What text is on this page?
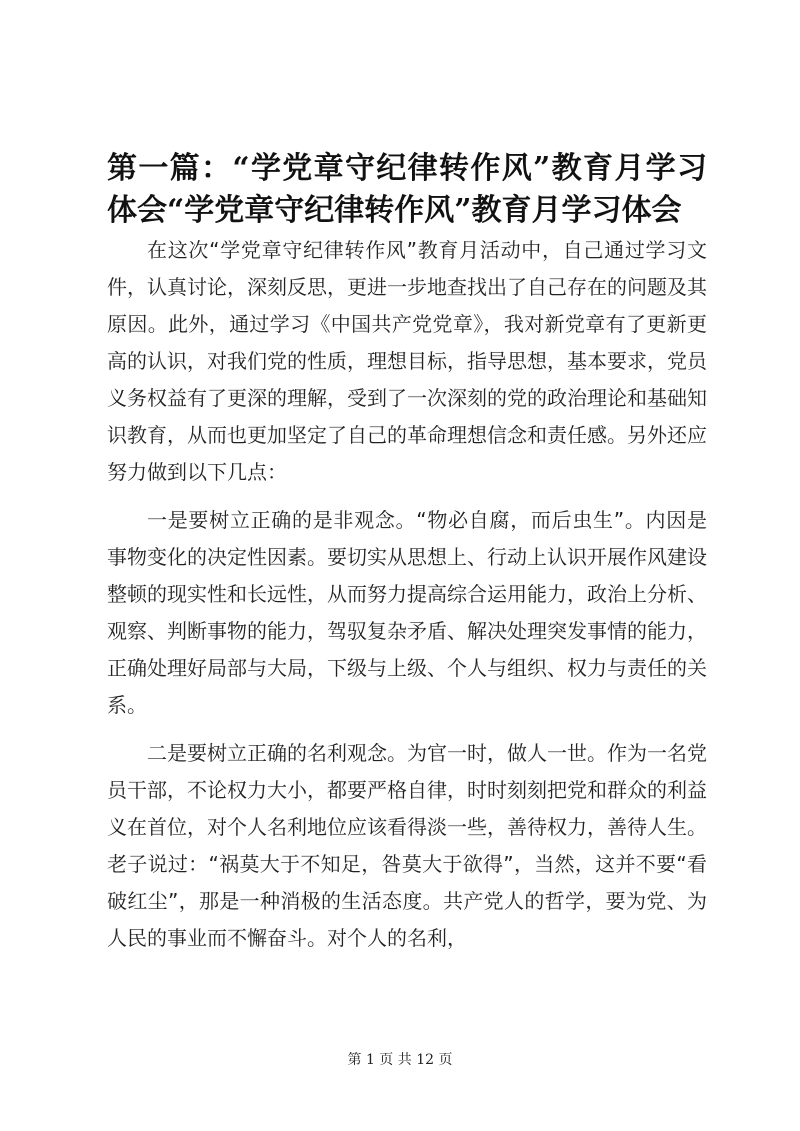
第一篇：“学党章守纪律转作风”教育月学习体会“学党章守纪律转作风”教育月学习体会

在这次“学党章守纪律转作风”教育月活动中，自己通过学习文件，认真讨论，深刻反思，更进一步地查找出了自己存在的问题及其原因。此外，通过学习《中国共产党党章》，我对新党章有了更新更高的认识，对我们党的性质，理想目标，指导思想，基本要求，党员义务权益有了更深的理解，受到了一次深刻的党的政治理论和基础知识教育，从而也更加坚定了自己的革命理想信念和责任感。另外还应努力做到以下几点：

一是要树立正确的是非观念。“物必自腐，而后虫生”。内因是事物变化的决定性因素。要切实从思想上、行动上认识开展作风建设整顿的现实性和长远性，从而努力提高综合运用能力，政治上分析、观察、判断事物的能力，驾驭复杂矛盾、解决处理突发事情的能力，正确处理好局部与大局，下级与上级、个人与组织、权力与责任的关系。

二是要树立正确的名利观念。为官一时，做人一世。作为一名党员干部，不论权力大小，都要严格自律，时时刻刻把党和群众的利益义在首位，对个人名利地位应该看得淡一些，善待权力，善待人生。老子说过：“祸莫大于不知足，咎莫大于欲得”，当然，这并不要“看破红尘”，那是一种消极的生活态度。共产党人的哲学，要为党、为人民的事业而不懈奋斗。对个人的名利，

第 1 页 共 12 页
